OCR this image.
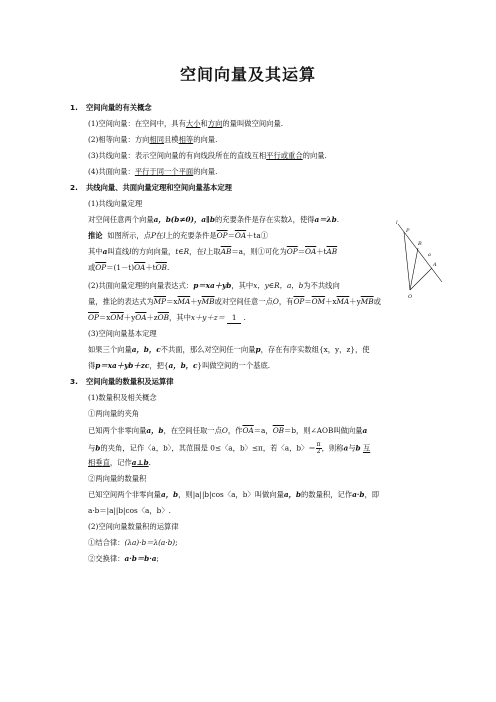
空间向量及其运算
1. 空间向量的有关概念
(1)空间向量：在空间中，具有大小和方向的量叫做空间向量.
(2)相等向量：方向相同且模相等的向量.
(3)共线向量：表示空间向量的有向线段所在的直线互相平行或重合的向量.
(4)共面向量：平行于同一个平面的向量.
2. 共线向量、共面向量定理和空间向量基本定理
(1)共线向量定理
对空间任意两个向量a，b(b≠0)，a∥b的充要条件是存在实数λ，使得a＝λb.
推论 如图所示，点P在l上的充要条件是$\overline{OP}=\overline{OA}+ta①$
其中a叫直线l的方向向量，t∈R，在l上取$\overline{AB}=a$，则①可化为$\overline{OP}=\overline{OA}+t\overline{AB}$
或$\overline{OP}=(1-t)\overline{OA}+t\overline{OB}$.
l
P
B
a
A
O
(2)共面向量定理的向量表达式：p＝xa＋yb，其中x，y∈R，a，b为不共线向
量，推论的表达式为$\overline{MP}=x\overline{MA}+y\overline{MB}$或对空间任意一点O，有$\overline{OP}=\overline{OM}+x\overline{MA}+y\overline{MB}$或
$\overline{OP}=x\overline{OM}+y\overline{OA}+z\overline{OB}$，其中x＋y＋z＝ 1 .
(3)空间向量基本定理
如果三个向量a，b，c不共面，那么对空间任一向量p，存在有序实数组{x，y，z}，使
得p＝xa＋yb＋zc，把{a，b，c}叫做空间的一个基底.
3. 空间向量的数量积及运算律
(1)数量积及相关概念
①两向量的夹角
已知两个非零向量a，b，在空间任取一点O，作$\overline{OA}=a$，$\overline{OB}=b$，则∠AOB叫做向量a
与b的夹角，记作〈a，b〉，其范围是 0≤〈a，b〉≤π，若〈a，b〉＝ $\frac{\pi}{2}$ ，则称a与b 互
相垂直，记作a⊥b.
②两向量的数量积
已知空间两个非零向量a，b，则|a||b|cos〈a，b〉叫做向量a，b的数量积，记作a·b，即
a·b＝|a||b|cos〈a，b〉.
(2)空间向量数量积的运算律
①结合律：(λa)·b＝λ(a·b);
②交换律：a·b＝b·a;
